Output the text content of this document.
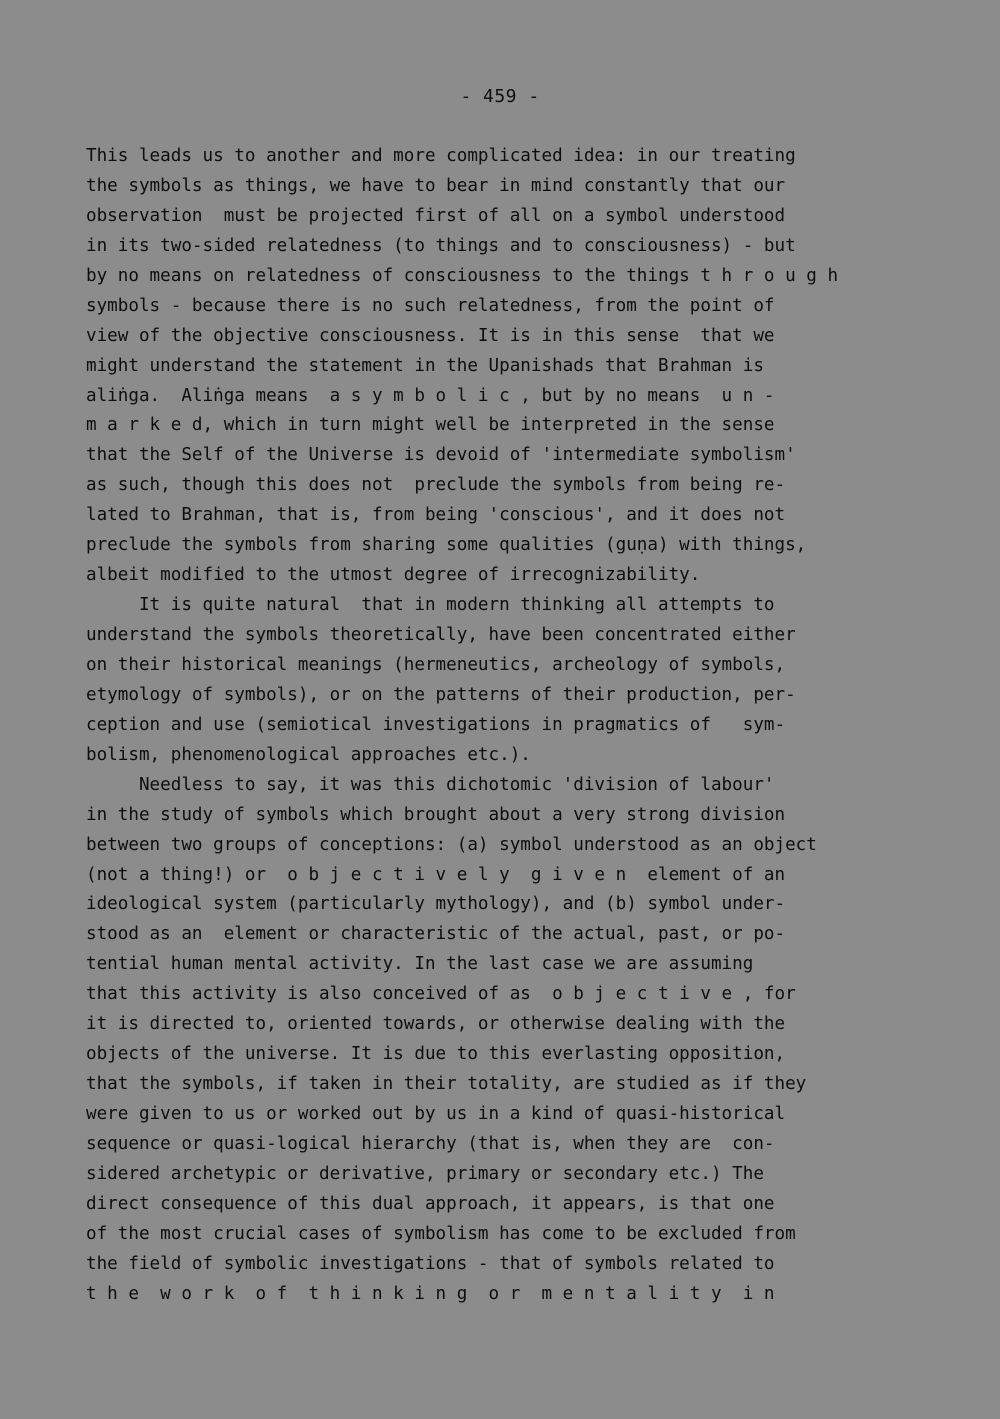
- 459 -
This leads us to another and more complicated idea: in our treating
the symbols as things, we have to bear in mind constantly that our
observation  must be projected first of all on a symbol understood
in its two-sided relatedness (to things and to consciousness) - but
by no means on relatedness of consciousness to the things t h r o u g h
symbols - because there is no such relatedness, from the point of
view of the objective consciousness. It is in this sense  that we
might understand the statement in the Upanishads that Brahman is
aliṅga.  Aliṅga means  a s y m b o l i c , but by no means  u n -
m a r k e d, which in turn might well be interpreted in the sense
that the Self of the Universe is devoid of 'intermediate symbolism'
as such, though this does not  preclude the symbols from being re-
lated to Brahman, that is, from being 'conscious', and it does not
preclude the symbols from sharing some qualities (guṇa) with things,
albeit modified to the utmost degree of irrecognizability.
It is quite natural  that in modern thinking all attempts to
understand the symbols theoretically, have been concentrated either
on their historical meanings (hermeneutics, archeology of symbols,
etymology of symbols), or on the patterns of their production, per-
ception and use (semiotical investigations in pragmatics of   sym-
bolism, phenomenological approaches etc.).
Needless to say, it was this dichotomic 'division of labour'
in the study of symbols which brought about a very strong division
between two groups of conceptions: (a) symbol understood as an object
(not a thing!) or  o b j e c t i v e l y  g i v e n  element of an
ideological system (particularly mythology), and (b) symbol under-
stood as an  element or characteristic of the actual, past, or po-
tential human mental activity. In the last case we are assuming
that this activity is also conceived of as  o b j e c t i v e , for
it is directed to, oriented towards, or otherwise dealing with the
objects of the universe. It is due to this everlasting opposition,
that the symbols, if taken in their totality, are studied as if they
were given to us or worked out by us in a kind of quasi-historical
sequence or quasi-logical hierarchy (that is, when they are  con-
sidered archetypic or derivative, primary or secondary etc.) The
direct consequence of this dual approach, it appears, is that one
of the most crucial cases of symbolism has come to be excluded from
the field of symbolic investigations - that of symbols related to
t h e  w o r k  o f  t h i n k i n g  o r  m e n t a l i t y  i n
